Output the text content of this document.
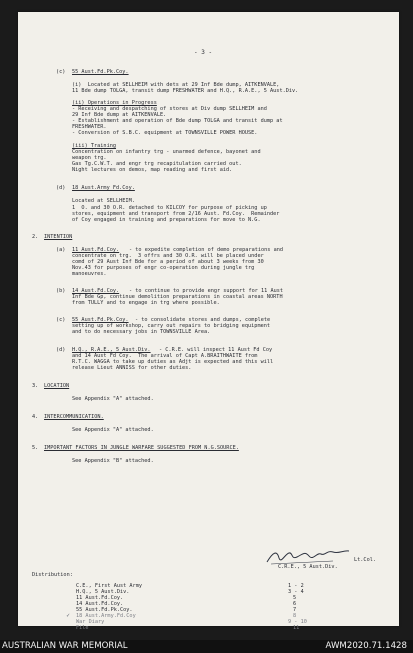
- 3 -
(c) 55 Aust.Fd.Pk.Coy.
(i)  Located at SELLHEIM with dets at 29 Inf Bde dump, AITKENVALE,
11 Bde dump TOLGA, transit dump FRESHWATER and H.Q., R.A.E., 5 Aust.Div.
(ii) Operations in Progress
- Receiving and despatching of stores at Div dump SELLHEIM and
29 Inf Bde dump at AITKENVALE.
- Establishment and operation of Bde dump TOLGA and transit dump at
FRESHWATER.
- Conversion of S.B.C. equipment at TOWNSVILLE POWER HOUSE.
(iii) Training
Concentration on infantry trg - unarmed defence, bayonet and
weapon trg.
Gas Tg.C.W.T. and engr trg recapitulation carried out.
Night lectures on demos, map reading and first aid.
(d) 18 Aust.Army Fd.Coy.
Located at SELLHEIM.
1  O. and 30 O.R. detached to KILCOY for purpose of picking up
stores, equipment and transport from 2/16 Aust. Fd.Coy.  Remainder
of Coy engaged in training and preparations for move to N.G.
2. INTENTION
(a) 11 Aust.Fd.Coy. - to expedite completion of demo preparations and
concentrate on trg.  3 offrs and 30 O.R. will be placed under
comd of 29 Aust Inf Bde for a period of about 3 weeks from 30
Nov.43 for purposes of engr co-operation during jungle trg
manoeuvres.
(b) 14 Aust.Fd.Coy. - to continue to provide engr support for 11 Aust
Inf Bde Gp, continue demolition preparations in coastal areas NORTH
from TULLY and to engage in trg where possible.
(c) 55 Aust.Fd.Pk.Coy. - to consolidate stores and dumps, complete
setting up of workshop, carry out repairs to bridging equipment
and to do necessary jobs in TOWNSVILLE Area.
(d) H.Q., R.A.E., 5 Aust.Div. - C.R.E. will inspect 11 Aust Fd Coy
and 14 Aust Fd Coy.  The arrival of Capt A.BRAITHWAITE from
R.T.C. WAGGA to take up duties as Adjt is expected and this will
release Lieut ANNISS for other duties.
3. LOCATION
See Appendix "A" attached.
4. INTERCOMMUNICATION.
See Appendix "A" attached.
5. IMPORTANT FACTORS IN JUNGLE WARFARE SUGGESTED FROM N.G.SOURCE.
See Appendix "B" attached.
Lt.Col.
C.R.E., 5 Aust.Div.
Distribution:
C.E., First Aust Army	1 - 2
H.Q., 5 Aust.Div.	3 - 4
11 Aust.Fd.Coy.	5
14 Aust.Fd.Coy.	6
55 Aust.Fd.Pk.Coy.	7
✓ 18 Aust.Army.Fd.Coy	8
War Diary	9 - 10
File	11
AUSTRALIAN WAR MEMORIAL	AWM2020.71.1428
